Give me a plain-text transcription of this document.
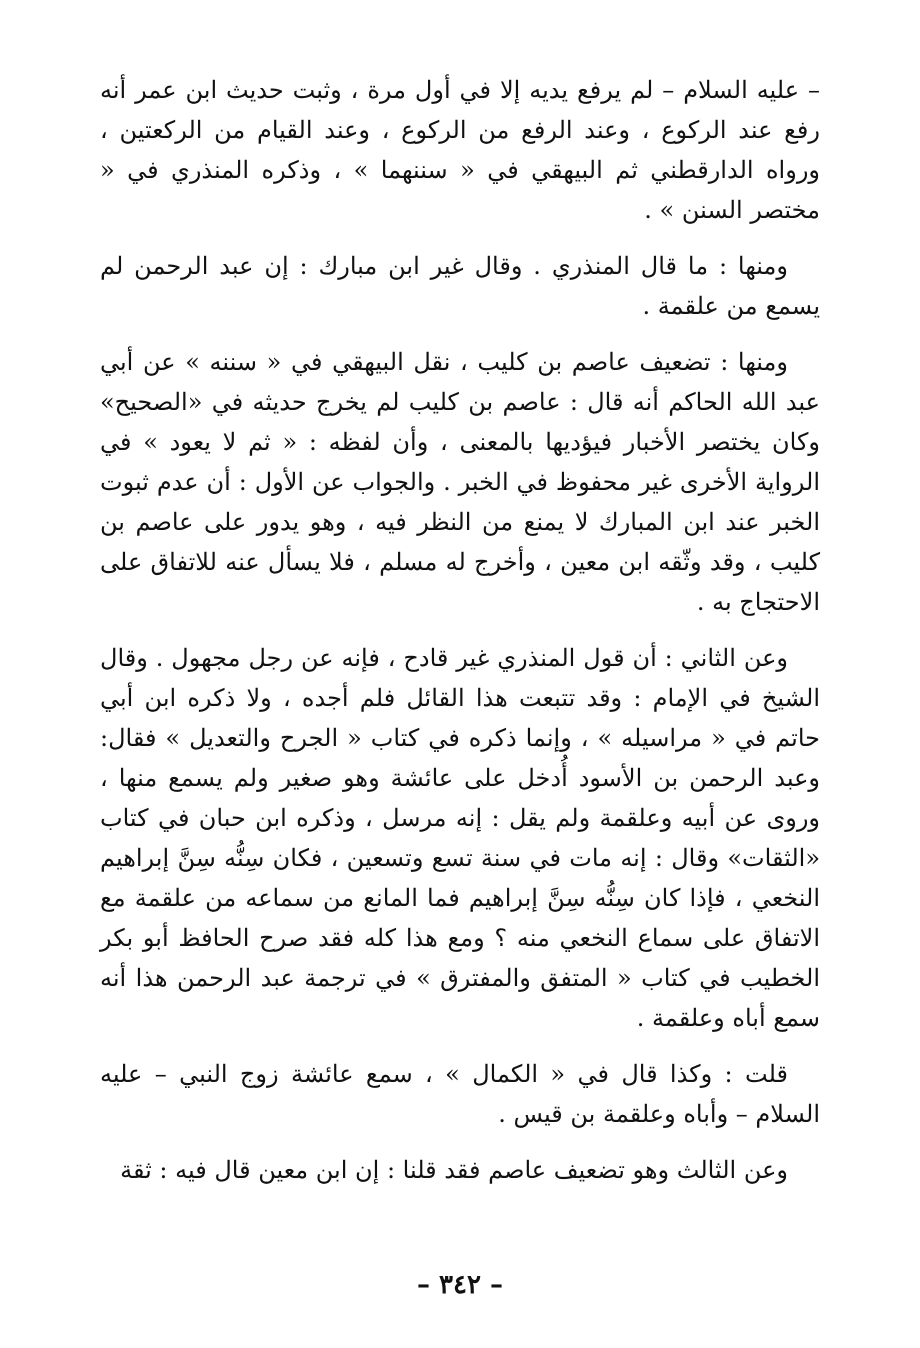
– عليه السلام – لم يرفع يديه إلا في أول مرة ، وثبت حديث ابن عمر أنه رفع عند الركوع ، وعند الرفع من الركوع ، وعند القيام من الركعتين ، ورواه الدارقطني ثم البيهقي في « سننهما » ، وذكره المنذري في « مختصر السنن » .

ومنها : ما قال المنذري . وقال غير ابن مبارك : إن عبد الرحمن لم يسمع من علقمة .

ومنها : تضعيف عاصم بن كليب ، نقل البيهقي في « سننه » عن أبي عبد الله الحاكم أنه قال : عاصم بن كليب لم يخرج حديثه في «الصحيح» وكان يختصر الأخبار فيؤديها بالمعنى ، وأن لفظه : « ثم لا يعود » في الرواية الأخرى غير محفوظ في الخبر . والجواب عن الأول : أن عدم ثبوت الخبر عند ابن المبارك لا يمنع من النظر فيه ، وهو يدور على عاصم بن كليب ، وقد وثّقه ابن معين ، وأخرج له مسلم ، فلا يسأل عنه للاتفاق على الاحتجاج به .

وعن الثاني : أن قول المنذري غير قادح ، فإنه عن رجل مجهول . وقال الشيخ في الإمام : وقد تتبعت هذا القائل فلم أجده ، ولا ذكره ابن أبي حاتم في « مراسيله » ، وإنما ذكره في كتاب « الجرح والتعديل » فقال: وعبد الرحمن بن الأسود أُدخل على عائشة وهو صغير ولم يسمع منها ، وروى عن أبيه وعلقمة ولم يقل : إنه مرسل ، وذكره ابن حبان في كتاب «الثقات» وقال : إنه مات في سنة تسع وتسعين ، فكان سِنُّه سِنَّ إبراهيم النخعي ، فإذا كان سِنُّه سِنَّ إبراهيم فما المانع من سماعه من علقمة مع الاتفاق على سماع النخعي منه ؟ ومع هذا كله فقد صرح الحافظ أبو بكر الخطيب في كتاب « المتفق والمفترق » في ترجمة عبد الرحمن هذا أنه سمع أباه وعلقمة .

قلت : وكذا قال في « الكمال » ، سمع عائشة زوج النبي – عليه السلام – وأباه وعلقمة بن قيس .

وعن الثالث وهو تضعيف عاصم فقد قلنا : إن ابن معين قال فيه : ثقة

– ٣٤٢ –
